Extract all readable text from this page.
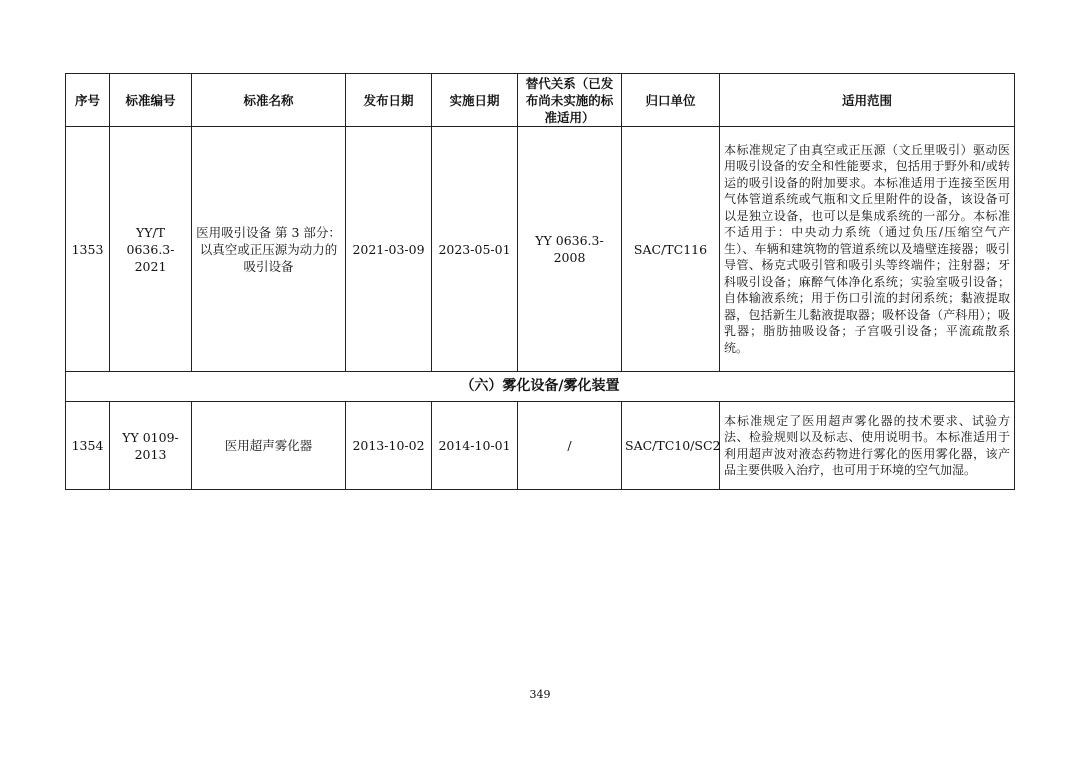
序号	标准编号	标准名称	发布日期	实施日期	替代关系（已发布尚未实施的标准适用）	归口单位	适用范围
1353	YY/T 0636.3-2021	医用吸引设备 第 3 部分：以真空或正压源为动力的吸引设备	2021-03-09	2023-05-01	YY 0636.3-2008	SAC/TC116	本标准规定了由真空或正压源（文丘里吸引）驱动医用吸引设备的安全和性能要求，包括用于野外和/或转运的吸引设备的附加要求。本标准适用于连接至医用气体管道系统或气瓶和文丘里附件的设备，该设备可以是独立设备，也可以是集成系统的一部分。本标准不适用于：中央动力系统（通过负压/压缩空气产生）、车辆和建筑物的管道系统以及墙壁连接器；吸引导管、杨克式吸引管和吸引头等终端件；注射器；牙科吸引设备；麻醉气体净化系统；实验室吸引设备；自体输液系统；用于伤口引流的封闭系统；黏液提取器，包括新生儿黏液提取器；吸杯设备（产科用）；吸乳器；脂肪抽吸设备；子宫吸引设备；平流疏散系统。
（六）雾化设备/雾化装置							
1354	YY 0109-2013	医用超声雾化器	2013-10-02	2014-10-01	/	SAC/TC10/SC2	本标准规定了医用超声雾化器的技术要求、试验方法、检验规则以及标志、使用说明书。本标准适用于利用超声波对液态药物进行雾化的医用雾化器，该产品主要供吸入治疗，也可用于环境的空气加湿。
349
